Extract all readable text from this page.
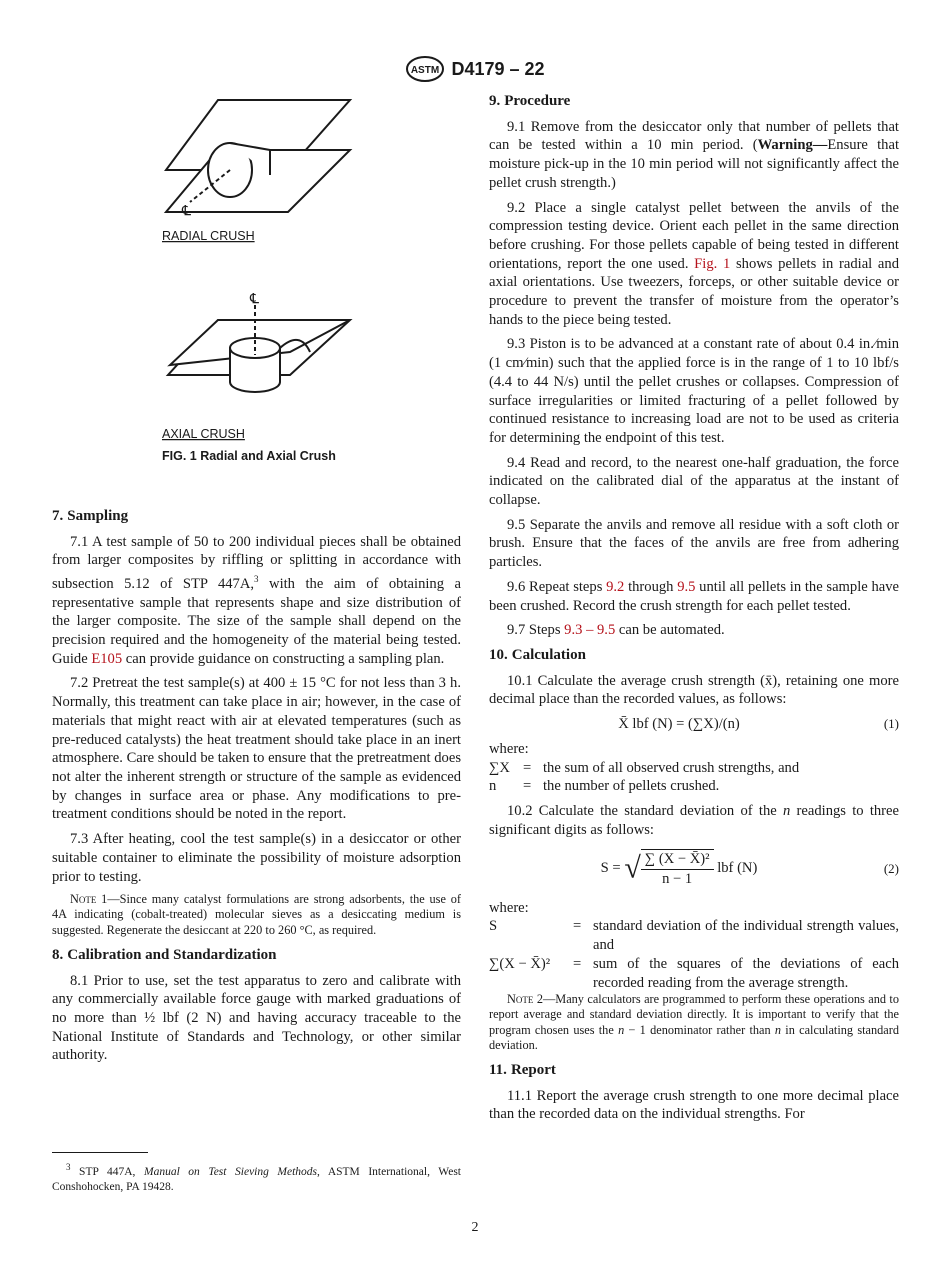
ASTM D4179 – 22
℄
RADIAL CRUSH
℄
AXIAL CRUSH
FIG. 1 Radial and Axial Crush
7. Sampling

7.1 A test sample of 50 to 200 individual pieces shall be obtained from larger composites by riffling or splitting in accordance with subsection 5.12 of STP 447A,$^3$ with the aim of obtaining a representative sample that represents shape and size distribution of the larger composite. The size of the sample shall depend on the precision required and the homogeneity of the material being tested. Guide E105 can provide guidance on constructing a sampling plan.

7.2 Pretreat the test sample(s) at 400 ± 15 °C for not less than 3 h. Normally, this treatment can take place in air; however, in the case of materials that might react with air at elevated temperatures (such as pre-reduced catalysts) the heat treatment should take place in an inert atmosphere. Care should be taken to ensure that the pretreatment does not alter the inherent strength or structure of the sample as evidenced by changes in surface area or phase. Any modifications to pre-treatment conditions should be noted in the report.

7.3 After heating, cool the test sample(s) in a desiccator or other suitable container to eliminate the possibility of moisture adsorption prior to testing.

Note 1—Since many catalyst formulations are strong adsorbents, the use of 4A indicating (cobalt-treated) molecular sieves as a desiccating medium is suggested. Regenerate the desiccant at 220 to 260 °C, as required.
8. Calibration and Standardization

8.1 Prior to use, set the test apparatus to zero and calibrate with any commercially available force gauge with marked graduations of no more than ½ lbf (2 N) and having accuracy traceable to the National Institute of Standards and Technology, or other similar authority.

$^3$ STP 447A, Manual on Test Sieving Methods, ASTM International, West Conshohocken, PA 19428.
9. Procedure

9.1 Remove from the desiccator only that number of pellets that can be tested within a 10 min period. (Warning—Ensure that moisture pick-up in the 10 min period will not significantly affect the pellet crush strength.)

9.2 Place a single catalyst pellet between the anvils of the compression testing device. Orient each pellet in the same direction before crushing. For those pellets capable of being tested in different orientations, report the one used. Fig. 1 shows pellets in radial and axial orientations. Use tweezers, forceps, or other suitable device or procedure to prevent the transfer of moisture from the operator’s hands to the piece being tested.

9.3 Piston is to be advanced at a constant rate of about 0.4 in.⁄min (1 cm⁄min) such that the applied force is in the range of 1 to 10 lbf/s (4.4 to 44 N/s) until the pellet crushes or collapses. Compression of surface irregularities or limited fracturing of a pellet followed by continued resistance to increasing load are not to be used as criteria for determining the endpoint of this test.

9.4 Read and record, to the nearest one-half graduation, the force indicated on the calibrated dial of the apparatus at the instant of collapse.

9.5 Separate the anvils and remove all residue with a soft cloth or brush. Ensure that the faces of the anvils are free from adhering particles.

9.6 Repeat steps 9.2 through 9.5 until all pellets in the sample have been crushed. Record the crush strength for each pellet tested.

9.7 Steps 9.3 – 9.5 can be automated.

10. Calculation

10.1 Calculate the average crush strength (x̄), retaining one more decimal place than the recorded values, as follows:

X̄ lbf (N) = (∑X)/(n)	(1)

where:

∑X = the sum of all observed crush strengths, and
n	= the number of pellets crushed.

10.2 Calculate the standard deviation of the n readings to three significant digits as follows:

S = √ $\frac{\text{∑ (X − X̄)²}}{n - 1}$ lbf (N)	(2)

where:

S	= standard deviation of the individual strength values, and
∑(X − X̄)²	= sum of the squares of the deviations of each recorded reading from the average strength.
Note 2—Many calculators are programmed to perform these operations and to report average and standard deviation directly. It is important to verify that the program chosen uses the n − 1 denominator rather than n in calculating standard deviation.
11. Report

11.1 Report the average crush strength to one more decimal place than the recorded data on the individual strengths. For

2
